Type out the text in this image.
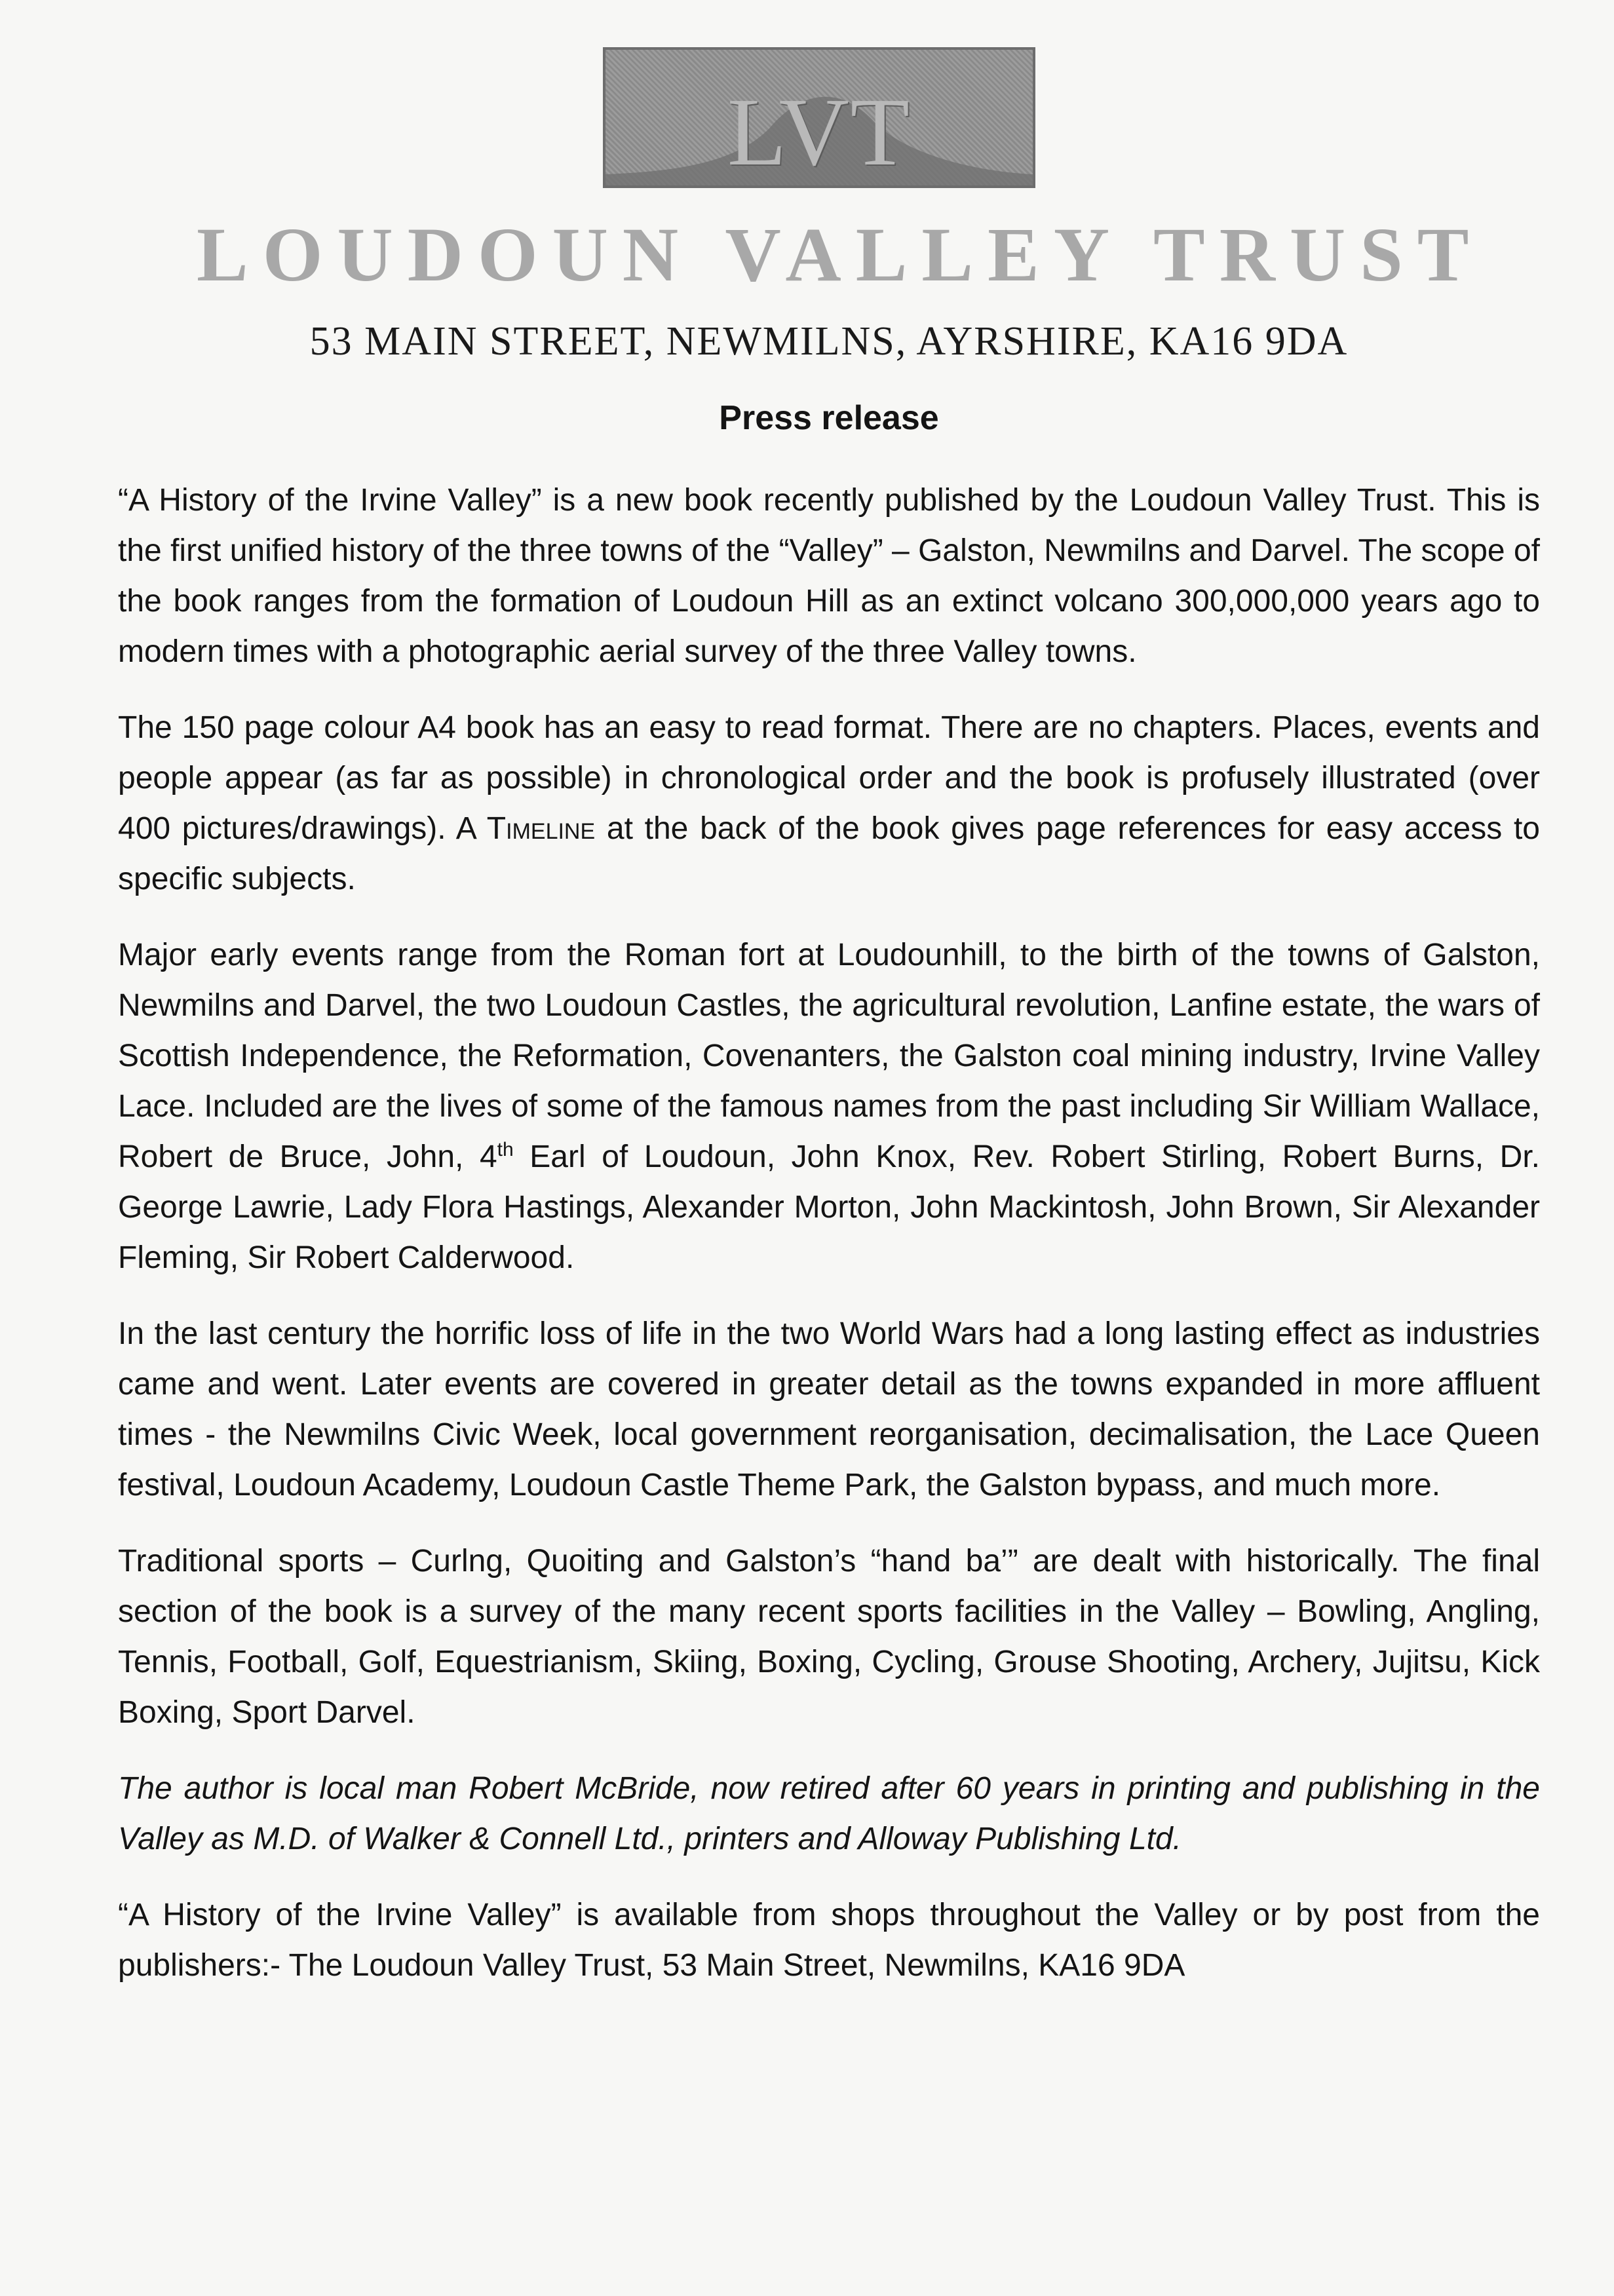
LVT
LOUDOUN VALLEY TRUST
53 MAIN STREET, NEWMILNS, AYRSHIRE, KA16 9DA
Press release

“A History of the Irvine Valley” is a new book recently published by the Loudoun Valley Trust. This is the first unified history of the three towns of the “Valley” – Galston, Newmilns and Darvel. The scope of the book ranges from the formation of Loudoun Hill as an extinct volcano 300,000,000 years ago to modern times with a photographic aerial survey of the three Valley towns.

The 150 page colour A4 book has an easy to read format. There are no chapters. Places, events and people appear (as far as possible) in chronological order and the book is profusely illustrated (over 400 pictures/drawings). A Timeline at the back of the book gives page references for easy access to specific subjects.

Major early events range from the Roman fort at Loudounhill, to the birth of the towns of Galston, Newmilns and Darvel, the two Loudoun Castles, the agricultural revolution, Lanfine estate, the wars of Scottish Independence, the Reformation, Covenanters, the Galston coal mining industry, Irvine Valley Lace. Included are the lives of some of the famous names from the past including Sir William Wallace, Robert de Bruce, John, 4th Earl of Loudoun, John Knox, Rev. Robert Stirling, Robert Burns, Dr. George Lawrie, Lady Flora Hastings, Alexander Morton, John Mackintosh, John Brown, Sir Alexander Fleming, Sir Robert Calderwood.

In the last century the horrific loss of life in the two World Wars had a long lasting effect as industries came and went. Later events are covered in greater detail as the towns expanded in more affluent times - the Newmilns Civic Week, local government reorganisation, decimalisation, the Lace Queen festival, Loudoun Academy, Loudoun Castle Theme Park, the Galston bypass, and much more.

Traditional sports – Curlng, Quoiting and Galston’s “hand ba’” are dealt with historically. The final section of the book is a survey of the many recent sports facilities in the Valley – Bowling, Angling, Tennis, Football, Golf, Equestrianism, Skiing, Boxing, Cycling, Grouse Shooting, Archery, Jujitsu, Kick Boxing, Sport Darvel.

The author is local man Robert McBride, now retired after 60 years in printing and publishing in the Valley as M.D. of Walker & Connell Ltd., printers and Alloway Publishing Ltd.

“A History of the Irvine Valley” is available from shops throughout the Valley or by post from the publishers:- The Loudoun Valley Trust, 53 Main Street, Newmilns, KA16 9DA
